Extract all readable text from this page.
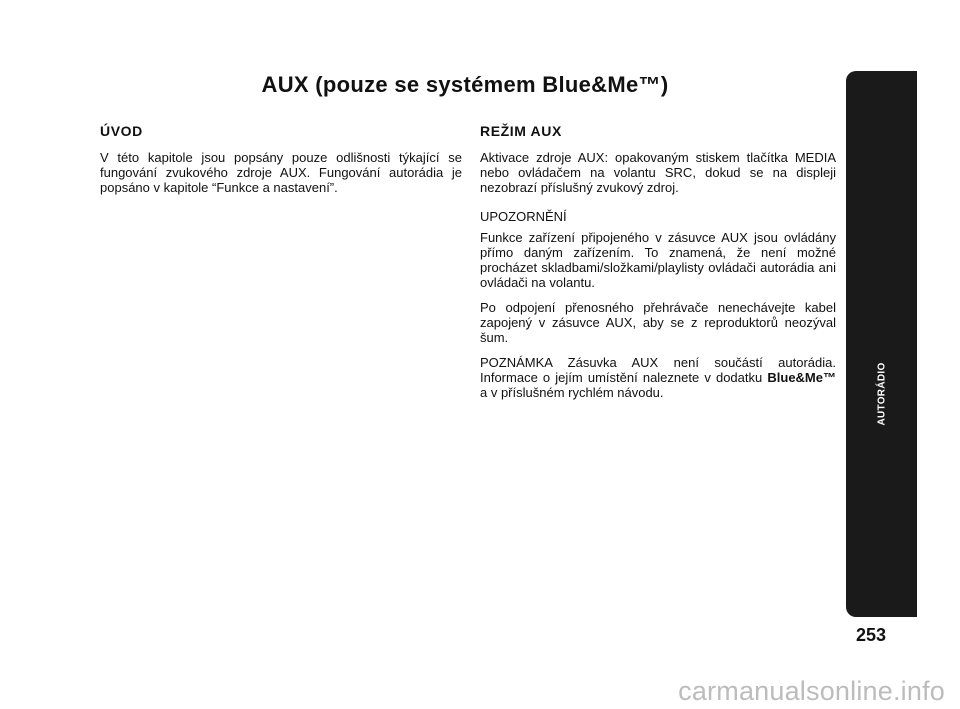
AUX (pouze se systémem Blue&Me™)
ÚVOD

V této kapitole jsou popsány pouze odlišnosti týkající se fungování zvukového zdroje AUX. Fungování autorádia je popsáno v kapitole “Funkce a nastavení”.

REŽIM AUX

Aktivace zdroje AUX: opakovaným stiskem tlačítka MEDIA nebo ovládačem na volantu SRC, dokud se na displeji nezobrazí příslušný zvukový zdroj.

UPOZORNĚNÍ

Funkce zařízení připojeného v zásuvce AUX jsou ovládány přímo daným zařízením. To znamená, že není možné procházet skladbami/složkami/playlisty ovládači autorádia ani ovládači na volantu.

Po odpojení přenosného přehrávače nenechávejte kabel zapojený v zásuvce AUX, aby se z reproduktorů neozýval šum.

POZNÁMKA Zásuvka AUX není součástí autorádia. Informace o jejím umístění naleznete v dodatku Blue&Me™ a v příslušném rychlém návodu.	AUTORÁDIO
253
carmanualsonline.info
